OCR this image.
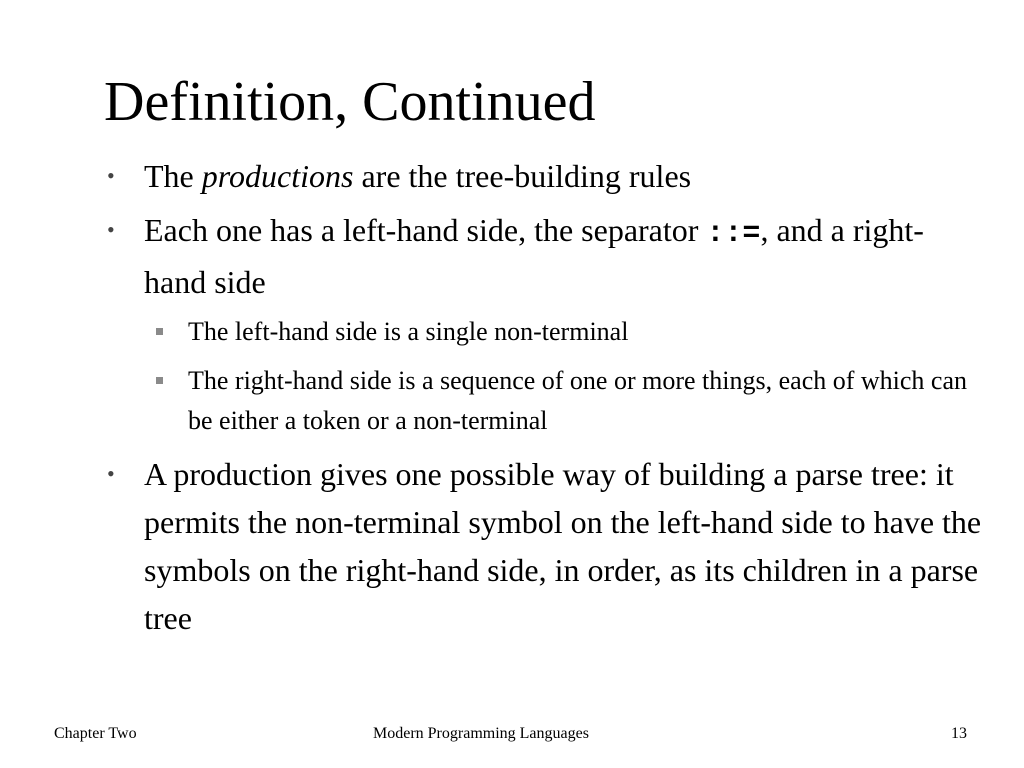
Definition, Continued
• The productions are the tree-building rules
• Each one has a left-hand side, the separator ::=, and a right-hand side
The left-hand side is a single non-terminal
The right-hand side is a sequence of one or more things, each of which can be either a token or a non-terminal
• A production gives one possible way of building a parse tree: it permits the non-terminal symbol on the left-hand side to have the symbols on the right-hand side, in order, as its children in a parse tree
Chapter Two	Modern Programming Languages	13
